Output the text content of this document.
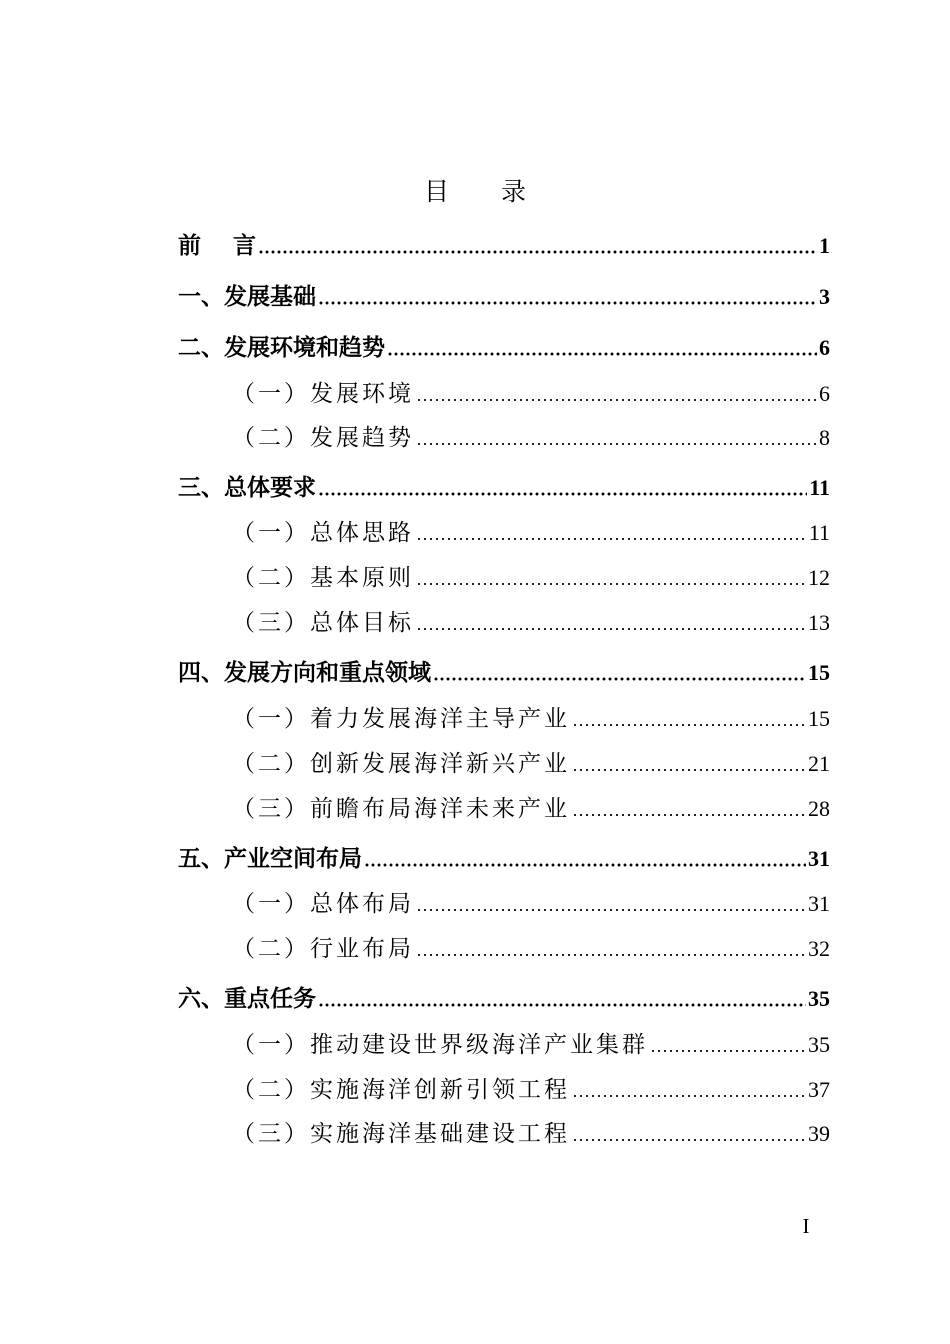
目 录
前    言	1
一、发展基础	3
二、发展环境和趋势	6
（一）发展环境	6
（二）发展趋势	8
三、总体要求	11
（一）总体思路	11
（二）基本原则	12
（三）总体目标	13
四、发展方向和重点领域	15
（一）着力发展海洋主导产业	15
（二）创新发展海洋新兴产业	21
（三）前瞻布局海洋未来产业	28
五、产业空间布局	31
（一）总体布局	31
（二）行业布局	32
六、重点任务	35
（一）推动建设世界级海洋产业集群	35
（二）实施海洋创新引领工程	37
（三）实施海洋基础建设工程	39
I
